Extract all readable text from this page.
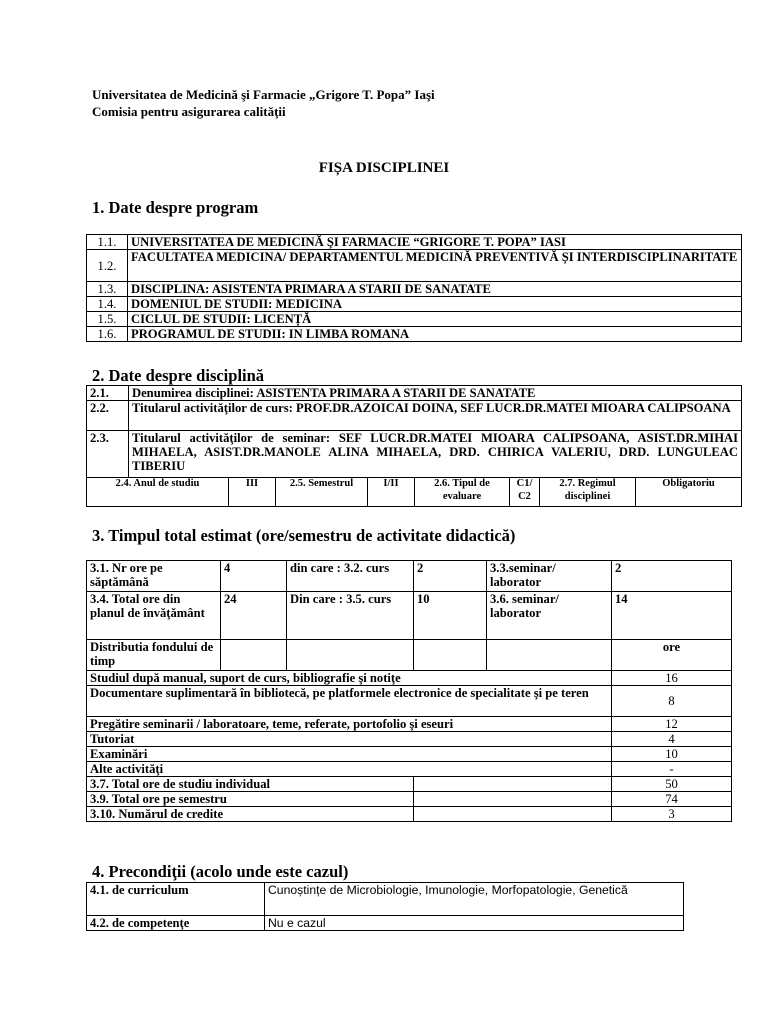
Universitatea de Medicină şi Farmacie „Grigore T. Popa” Iaşi
Comisia pentru asigurarea calităţii
FIȘA DISCIPLINEI
1. Date despre program
1.1.	UNIVERSITATEA DE MEDICINĂ ŞI FARMACIE “GRIGORE T. POPA” IASI
1.2.	FACULTATEA MEDICINA/ DEPARTAMENTUL MEDICINĂ PREVENTIVĂ ȘI INTERDISCIPLINARITATE
1.3.	DISCIPLINA: ASISTENTA PRIMARA A STARII DE SANATATE
1.4.	DOMENIUL DE STUDII: MEDICINA
1.5.	CICLUL DE STUDII: LICENȚĂ
1.6.	PROGRAMUL DE STUDII: IN LIMBA ROMANA
2. Date despre disciplină
2.1.	Denumirea disciplinei: ASISTENTA PRIMARA A STARII DE SANATATE							
2.2.	Titularul activităţilor de curs: PROF.DR.AZOICAI DOINA, SEF LUCR.DR.MATEI MIOARA CALIPSOANA							
2.3.	Titularul activităţilor de seminar: SEF LUCR.DR.MATEI MIOARA CALIPSOANA, ASIST.DR.MIHAI MIHAELA, ASIST.DR.MANOLE ALINA MIHAELA, DRD. CHIRICA VALERIU, DRD. LUNGULEAC TIBERIU							
2.4. Anul de studiu		III	2.5. Semestrul	I/II	2.6. Tipul de evaluare	C1/ C2	2.7. Regimul disciplinei	Obligatoriu
3. Timpul total estimat (ore/semestru de activitate didactică)
3.1. Nr ore pe săptămână	4	din care : 3.2. curs	2	3.3.seminar/ laborator	2
3.4. Total ore din planul de învăţământ	24	Din care : 3.5. curs	10	3.6. seminar/ laborator	14
Distributia fondului de timp					ore
Studiul după manual, suport de curs, bibliografie şi notiţe					16
Documentare suplimentară în bibliotecă, pe platformele electronice de specialitate şi pe teren					8
Pregătire seminarii / laboratoare, teme, referate, portofolio şi eseuri					12
Tutoriat					4
Examinări					10
Alte activităţi					-
3.7. Total ore de studiu individual					50
3.9. Total ore pe semestru					74
3.10. Numărul de credite					3
4. Precondiţii (acolo unde este cazul)
4.1. de curriculum	Cunoștințe de Microbiologie, Imunologie, Morfopatologie, Genetică
4.2. de competenţe	Nu e cazul
